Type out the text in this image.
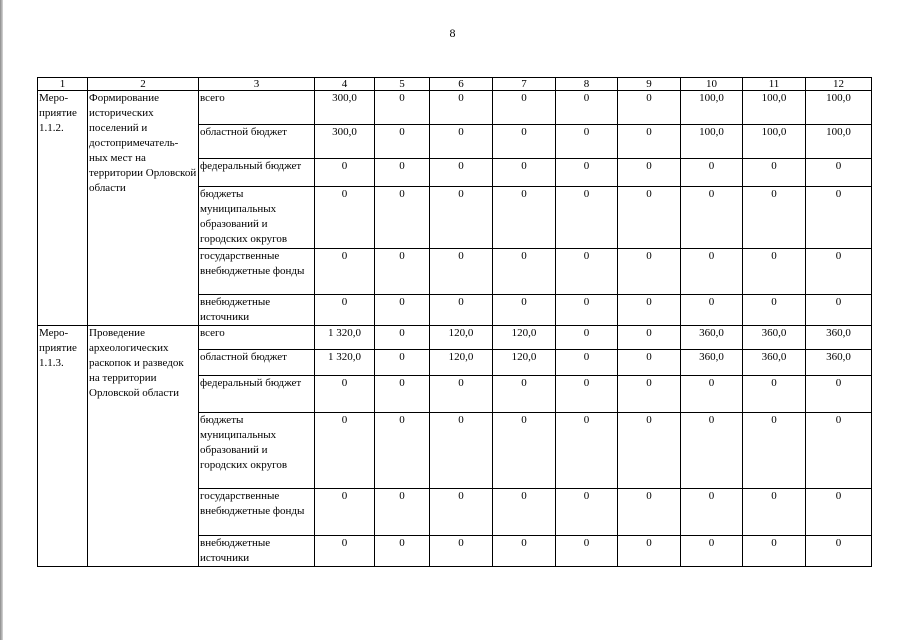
8
1	2	3	4	5	6	7	8	9	10	11	12
Меро-
приятие
1.1.2.	Формирование исторических поселений и достопримечатель-ных мест на территории Орловской области	всего	300,0	0	0	0	0	0	100,0	100,0	100,0
		областной бюджет	300,0	0	0	0	0	0	100,0	100,0	100,0
		федеральный бюджет	0	0	0	0	0	0	0	0	0
		бюджеты муниципальных образований и городских округов	0	0	0	0	0	0	0	0	0
		государственные внебюджетные фонды	0	0	0	0	0	0	0	0	0
		внебюджетные источники	0	0	0	0	0	0	0	0	0
Меро-
приятие
1.1.3.	Проведение археологических раскопок и разведок на территории Орловской области	всего	1 320,0	0	120,0	120,0	0	0	360,0	360,0	360,0
		областной бюджет	1 320,0	0	120,0	120,0	0	0	360,0	360,0	360,0
		федеральный бюджет	0	0	0	0	0	0	0	0	0
		бюджеты муниципальных образований и городских округов	0	0	0	0	0	0	0	0	0
		государственные внебюджетные фонды	0	0	0	0	0	0	0	0	0
		внебюджетные источники	0	0	0	0	0	0	0	0	0
